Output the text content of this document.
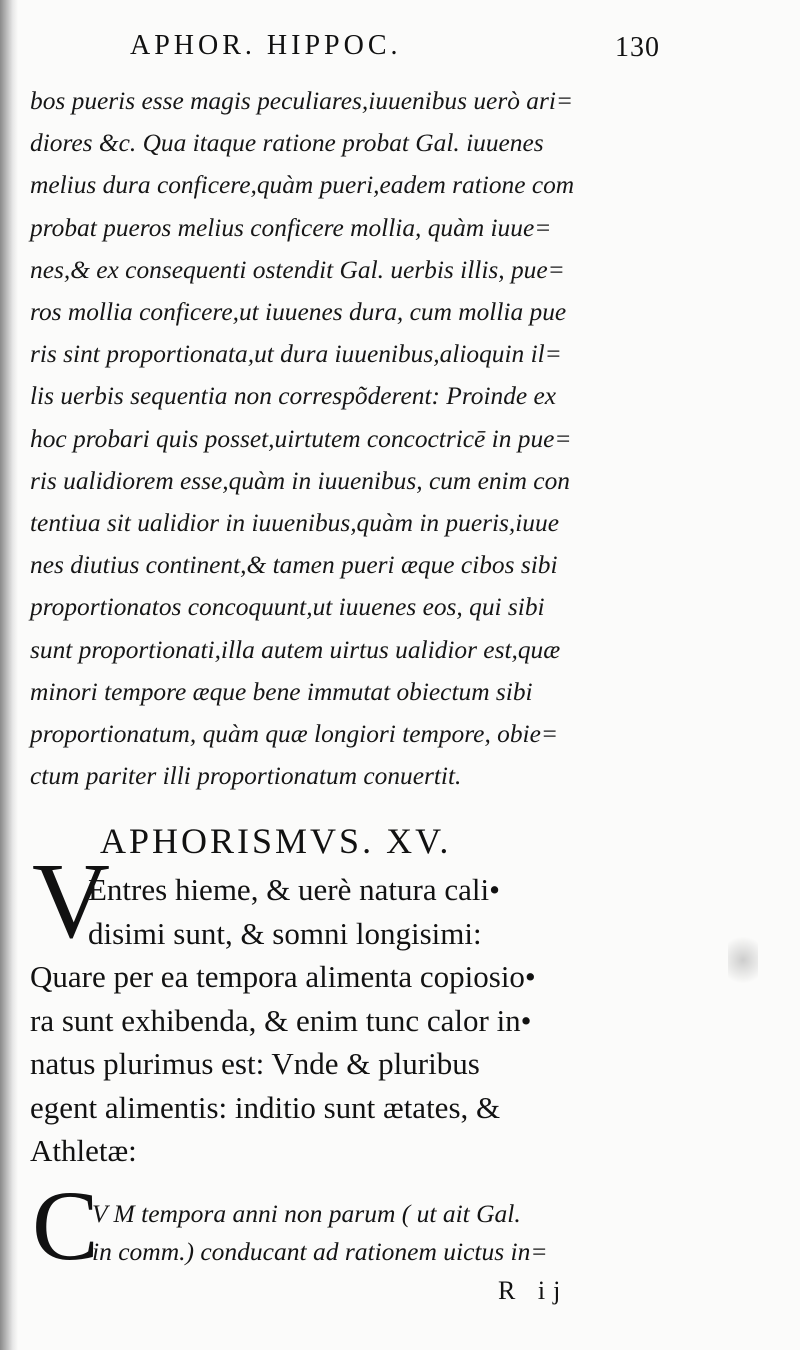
APHOR. HIPPOC.	130
bos pueris esse magis peculiares,iuuenibus uerò ari=
diores &c. Qua itaque ratione probat Gal. iuuenes
melius dura conficere,quàm pueri,eadem ratione com
probat pueros melius conficere mollia, quàm iuue=
nes,& ex consequenti ostendit Gal. uerbis illis, pue=
ros mollia conficere,ut iuuenes dura, cum mollia pue
ris sint proportionata,ut dura iuuenibus,alioquin il=
lis uerbis sequentia non correspõderent: Proinde ex
hoc probari quis posset,uirtutem concoctricē in pue=
ris ualidiorem esse,quàm in iuuenibus, cum enim con
tentiua sit ualidior in iuuenibus,quàm in pueris,iuue
nes diutius continent,& tamen pueri æque cibos sibi
proportionatos concoquunt,ut iuuenes eos, qui sibi
sunt proportionati,illa autem uirtus ualidior est,quæ
minori tempore æque bene immutat obiectum sibi
proportionatum, quàm quæ longiori tempore, obie=
ctum pariter illi proportionatum conuertit.
APHORISMVS. XV.
V
Entres hieme, & uerè natura cali•
disimi sunt, & somni longisimi:
Quare per ea tempora alimenta copiosio•
ra sunt exhibenda, & enim tunc calor in•
natus plurimus est: Vnde & pluribus
egent alimentis: inditio sunt ætates, &
Athletæ:
C
V M tempora anni non parum ( ut ait Gal.
in comm.) conducant ad rationem uictus in=
R ij
